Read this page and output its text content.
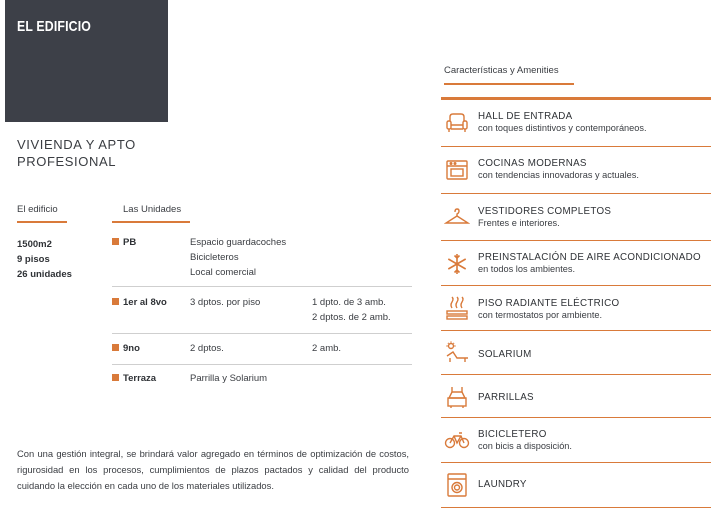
EL EDIFICIO
VIVIENDA Y APTO
PROFESIONAL
El edificio
1500m2
9 pisos
26 unidades
Las Unidades
PB	Espacio guardacoches
Bicicleteros
Local comercial
1er al 8vo 3 dptos. por piso	1 dpto. de 3 amb.
2 dptos. de 2 amb.
9no	2 dptos.	2 amb.
Terraza	Parrilla y Solarium
Con una gestión integral, se brindará valor agregado en términos de optimización de costos, rigurosidad en los procesos, cumplimientos de plazos pactados y calidad del producto cuidando la elección en cada uno de los materiales utilizados.
Características y Amenities
HALL DE ENTRADA
con toques distintivos y contemporáneos.
COCINAS MODERNAS
con tendencias innovadoras y actuales.
VESTIDORES COMPLETOS
Frentes e interiores.
PREINSTALACIÓN DE AIRE ACONDICIONADO
en todos los ambientes.
PISO RADIANTE ELÉCTRICO
con termostatos por ambiente.
SOLARIUM
PARRILLAS
BICICLETERO
con bicis a disposición.
LAUNDRY
